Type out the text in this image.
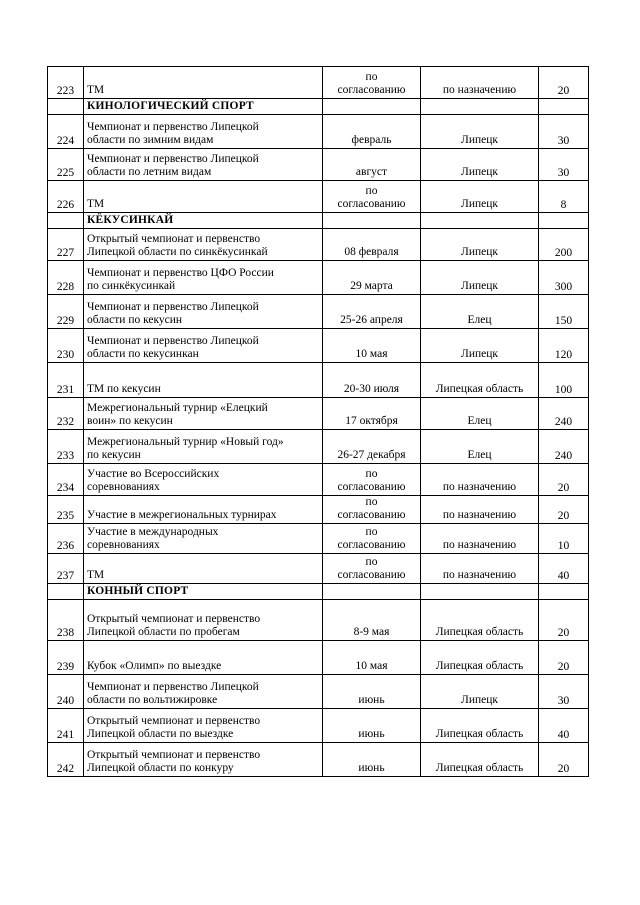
223	ТМ	по
согласованию	по назначению	20
	КИНОЛОГИЧЕСКИЙ СПОРТ			
224	Чемпионат и первенство Липецкой
области по зимним видам	февраль	Липецк	30
225	Чемпионат и первенство Липецкой
области по летним видам	август	Липецк	30
226	ТМ	по
согласованию	Липецк	8
	КЁКУСИНКАЙ			
227	Открытый чемпионат и первенство
Липецкой области по синкёкусинкай	08 февраля	Липецк	200
228	Чемпионат и первенство ЦФО России
по синкёкусинкай	29 марта	Липецк	300
229	Чемпионат и первенство Липецкой
области по кекусин	25-26 апреля	Елец	150
230	Чемпионат и первенство Липецкой
области по кекусинкан	10 мая	Липецк	120
231	ТМ по кекусин	20-30 июля	Липецкая область	100
232	Межрегиональный турнир «Елецкий
воин» по кекусин	17 октября	Елец	240
233	Межрегиональный турнир «Новый год»
по кекусин	26-27 декабря	Елец	240
234	Участие во Всероссийских
соревнованиях	по
согласованию	по назначению	20
235	Участие в межрегиональных турнирах	по
согласованию	по назначению	20
236	Участие в международных
соревнованиях	по
согласованию	по назначению	10
237	ТМ	по
согласованию	по назначению	40
	КОННЫЙ СПОРТ			
238	Открытый чемпионат и первенство
Липецкой области по пробегам	8-9 мая	Липецкая область	20
239	Кубок «Олимп» по выездке	10 мая	Липецкая область	20
240	Чемпионат и первенство Липецкой
области по вольтижировке	июнь	Липецк	30
241	Открытый чемпионат и первенство
Липецкой области по выездке	июнь	Липецкая область	40
242	Открытый чемпионат и первенство
Липецкой области по конкуру	июнь	Липецкая область	20
